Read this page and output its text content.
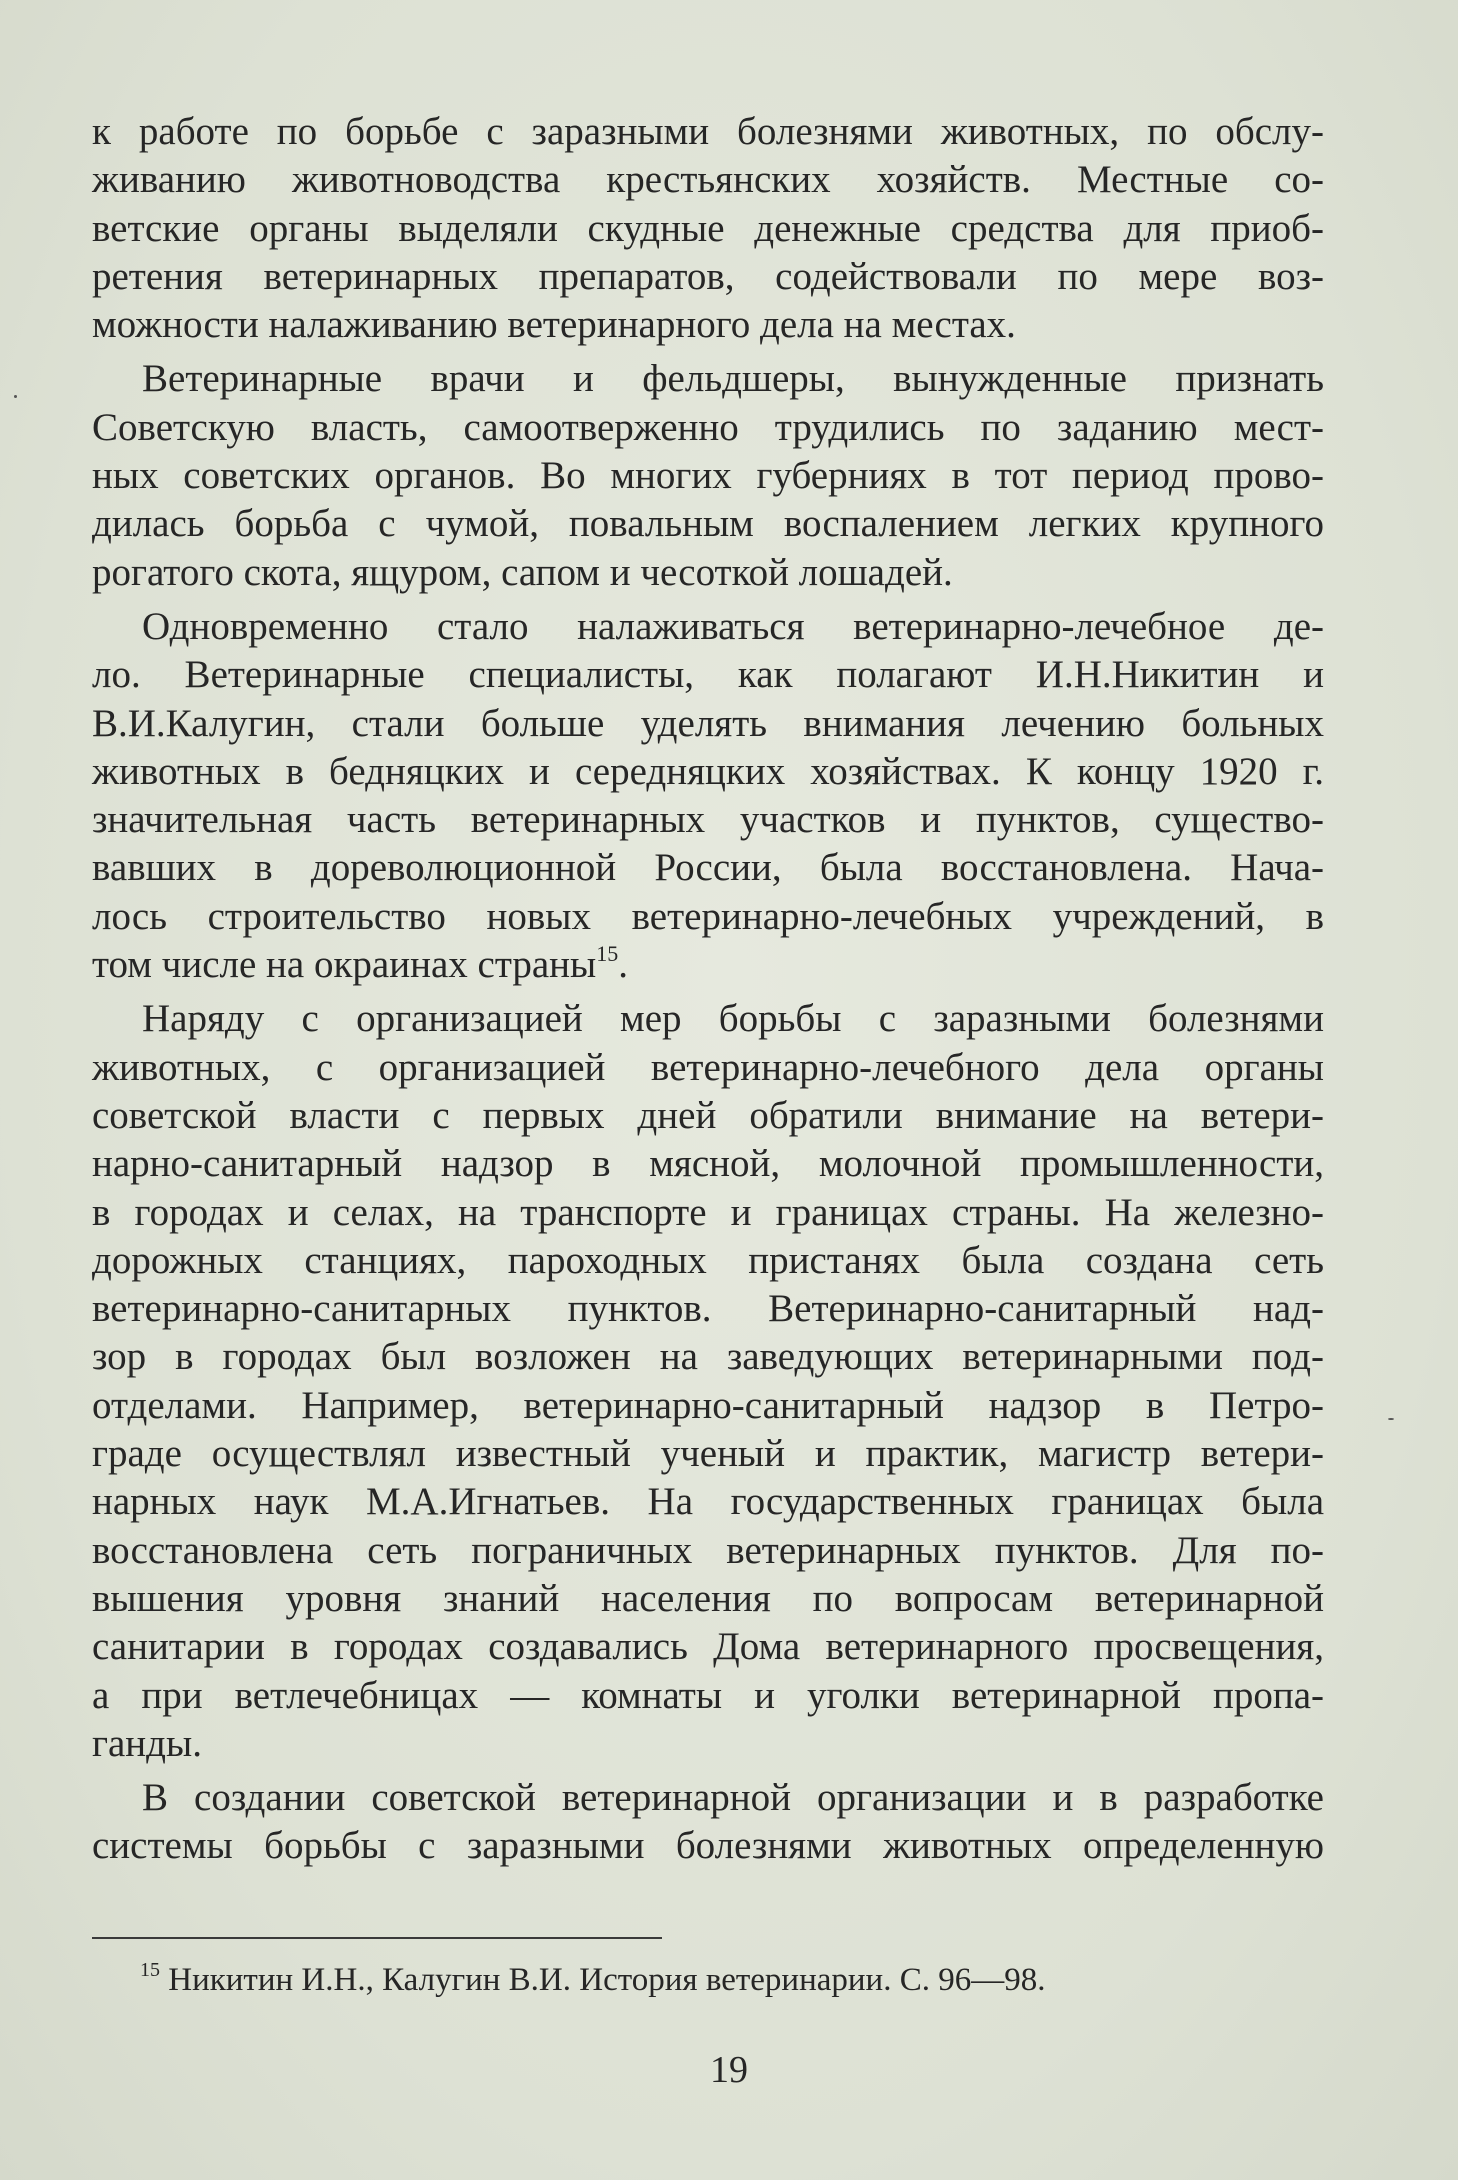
к работе по борьбе с заразными болезнями животных, по обслу-
живанию животноводства крестьянских хозяйств. Местные со-
ветские органы выделяли скудные денежные средства для приоб-
ретения ветеринарных препаратов, содействовали по мере воз-
можности налаживанию ветеринарного дела на местах.
Ветеринарные врачи и фельдшеры, вынужденные признать
Советскую власть, самоотверженно трудились по заданию мест-
ных советских органов. Во многих губерниях в тот период прово-
дилась борьба с чумой, повальным воспалением легких крупного
рогатого скота, ящуром, сапом и чесоткой лошадей.
Одновременно стало налаживаться ветеринарно-лечебное де-
ло. Ветеринарные специалисты, как полагают И.Н.Никитин и
В.И.Калугин, стали больше уделять внимания лечению больных
животных в бедняцких и середняцких хозяйствах. К концу 1920 г.
значительная часть ветеринарных участков и пунктов, существо-
вавших в дореволюционной России, была восстановлена. Нача-
лось строительство новых ветеринарно-лечебных учреждений, в
том числе на окраинах страны$^{15}$.
Наряду с организацией мер борьбы с заразными болезнями
животных, с организацией ветеринарно-лечебного дела органы
советской власти с первых дней обратили внимание на ветери-
нарно-санитарный надзор в мясной, молочной промышленности,
в городах и селах, на транспорте и границах страны. На железно-
дорожных станциях, пароходных пристанях была создана сеть
ветеринарно-санитарных пунктов. Ветеринарно-санитарный над-
зор в городах был возложен на заведующих ветеринарными под-
отделами. Например, ветеринарно-санитарный надзор в Петро-
граде осуществлял известный ученый и практик, магистр ветери-
нарных наук М.А.Игнатьев. На государственных границах была
восстановлена сеть пограничных ветеринарных пунктов. Для по-
вышения уровня знаний населения по вопросам ветеринарной
санитарии в городах создавались Дома ветеринарного просвещения,
а при ветлечебницах — комнаты и уголки ветеринарной пропа-
ганды.
В создании советской ветеринарной организации и в разработке
системы борьбы с заразными болезнями животных определенную
$^{15}$ Никитин И.Н., Калугин В.И. История ветеринарии. С. 96—98.
19
